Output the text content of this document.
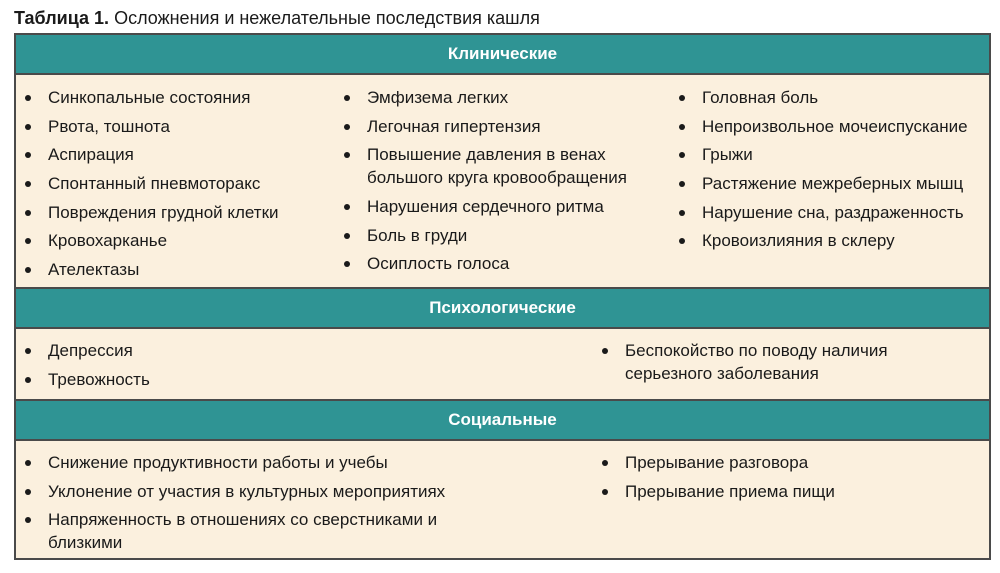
Таблица 1. Осложнения и нежелательные последствия кашля
Клинические
Синкопальные состояния
Рвота, тошнота
Аспирация
Спонтанный пневмоторакс
Повреждения грудной клетки
Кровохарканье
Ателектазы
Эмфизема легких
Легочная гипертензия
Повышение давления в венах большого круга кровообращения
Нарушения сердечного ритма
Боль в груди
Осиплость голоса
Головная боль
Непроизвольное мочеиспускание
Грыжи
Растяжение межреберных мышц
Нарушение сна, раздраженность
Кровоизлияния в склеру
Психологические
Депрессия
Тревожность
Беспокойство по поводу наличия серьезного заболевания
Социальные
Снижение продуктивности работы и учебы
Уклонение от участия в культурных мероприятиях
Напряженность в отношениях со сверстниками и близкими
Прерывание разговора
Прерывание приема пищи
